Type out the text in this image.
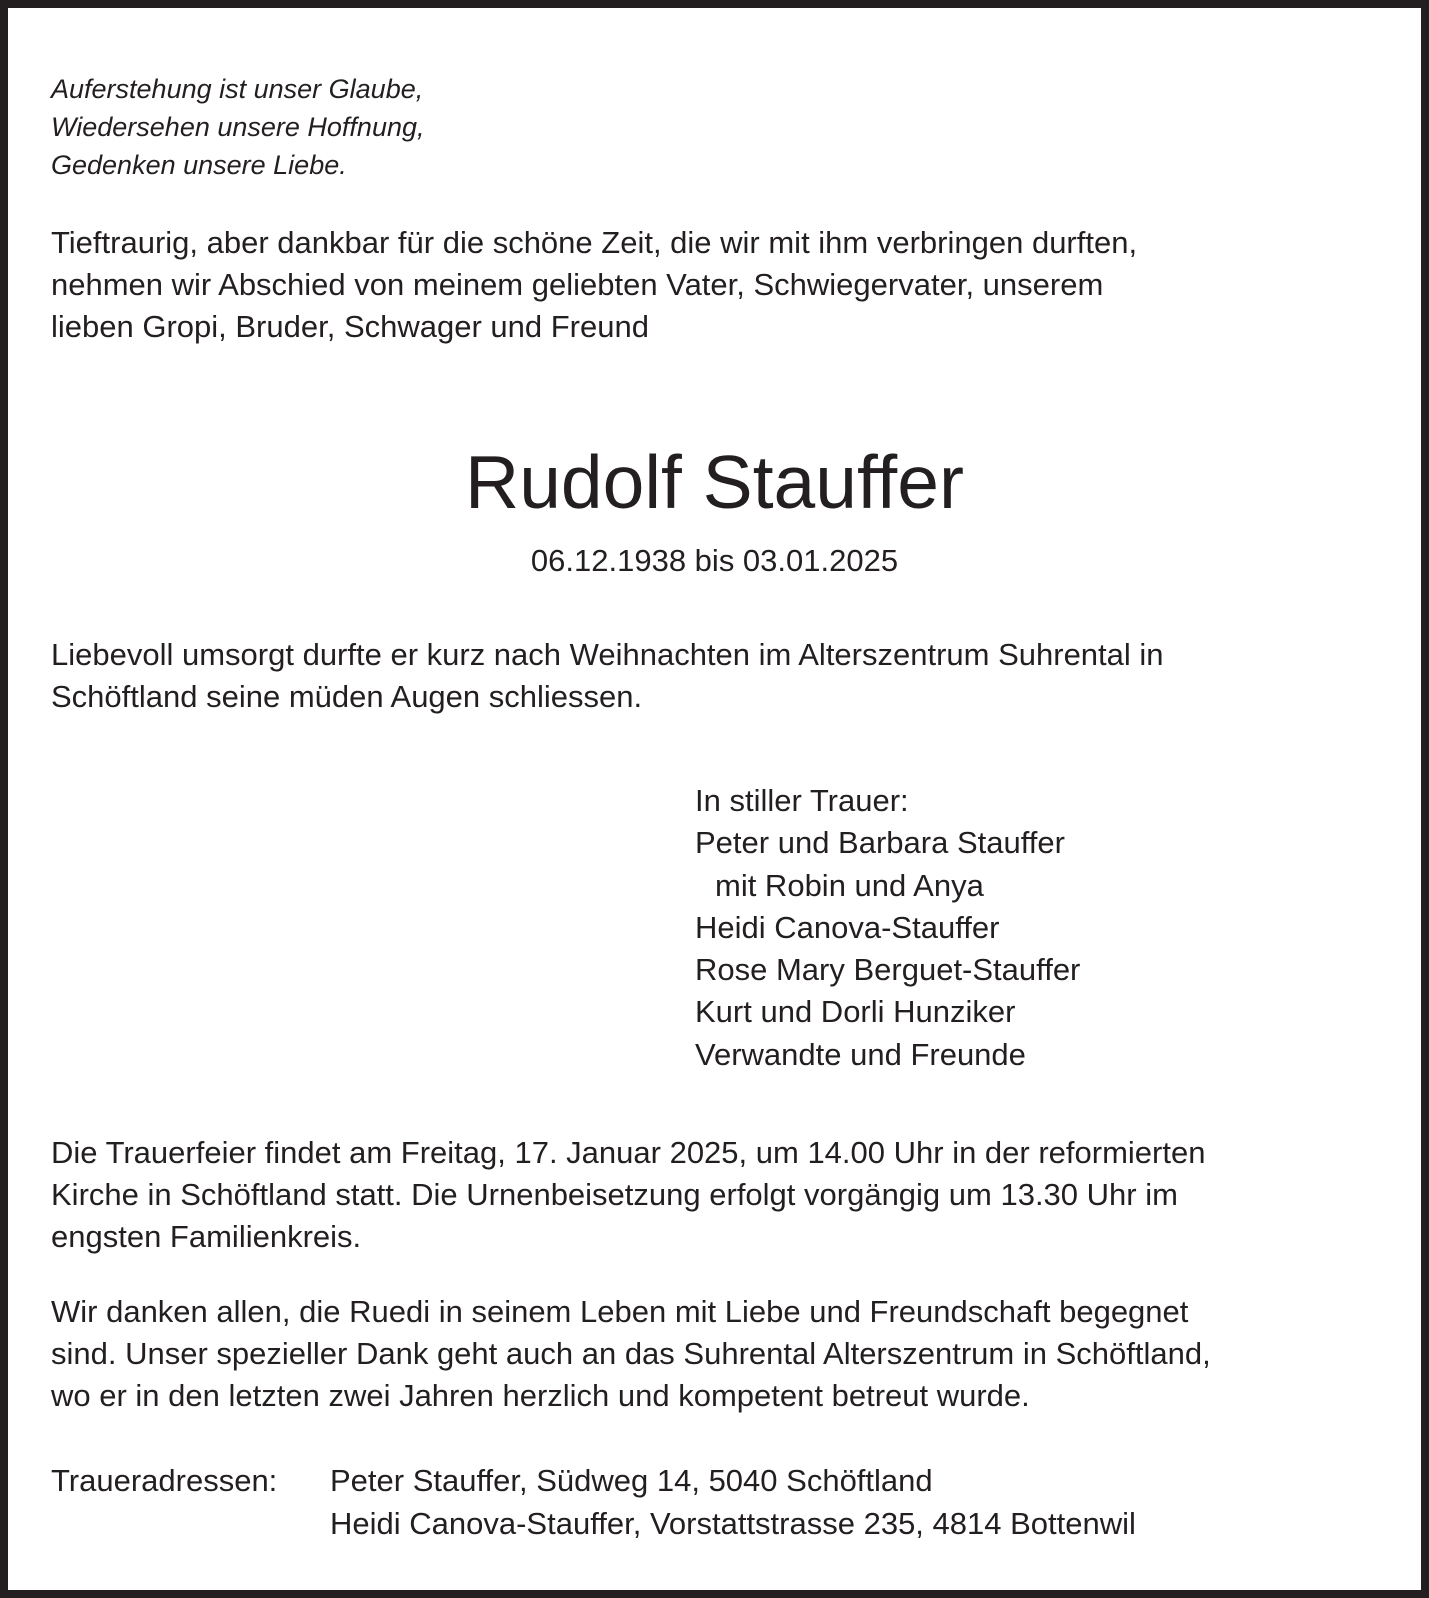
Auferstehung ist unser Glaube,
Wiedersehen unsere Hoffnung,
Gedenken unsere Liebe.
Tieftraurig, aber dankbar für die schöne Zeit, die wir mit ihm verbringen durften,
nehmen wir Abschied von meinem geliebten Vater, Schwiegervater, unserem
lieben Gropi, Bruder, Schwager und Freund
Rudolf Stauffer
06.12.1938 bis 03.01.2025
Liebevoll umsorgt durfte er kurz nach Weihnachten im Alterszentrum Suhrental in
Schöftland seine müden Augen schliessen.
In stiller Trauer:
Peter und Barbara Stauffer
mit Robin und Anya
Heidi Canova-Stauffer
Rose Mary Berguet-Stauffer
Kurt und Dorli Hunziker
Verwandte und Freunde
Die Trauerfeier findet am Freitag, 17. Januar 2025, um 14.00 Uhr in der reformierten
Kirche in Schöftland statt. Die Urnenbeisetzung erfolgt vorgängig um 13.30 Uhr im
engsten Familienkreis.
Wir danken allen, die Ruedi in seinem Leben mit Liebe und Freundschaft begegnet
sind. Unser spezieller Dank geht auch an das Suhrental Alterszentrum in Schöftland,
wo er in den letzten zwei Jahren herzlich und kompetent betreut wurde.
Traueradressen:	Peter Stauffer, Südweg 14, 5040 Schöftland
Heidi Canova-Stauffer, Vorstattstrasse 235, 4814 Bottenwil
